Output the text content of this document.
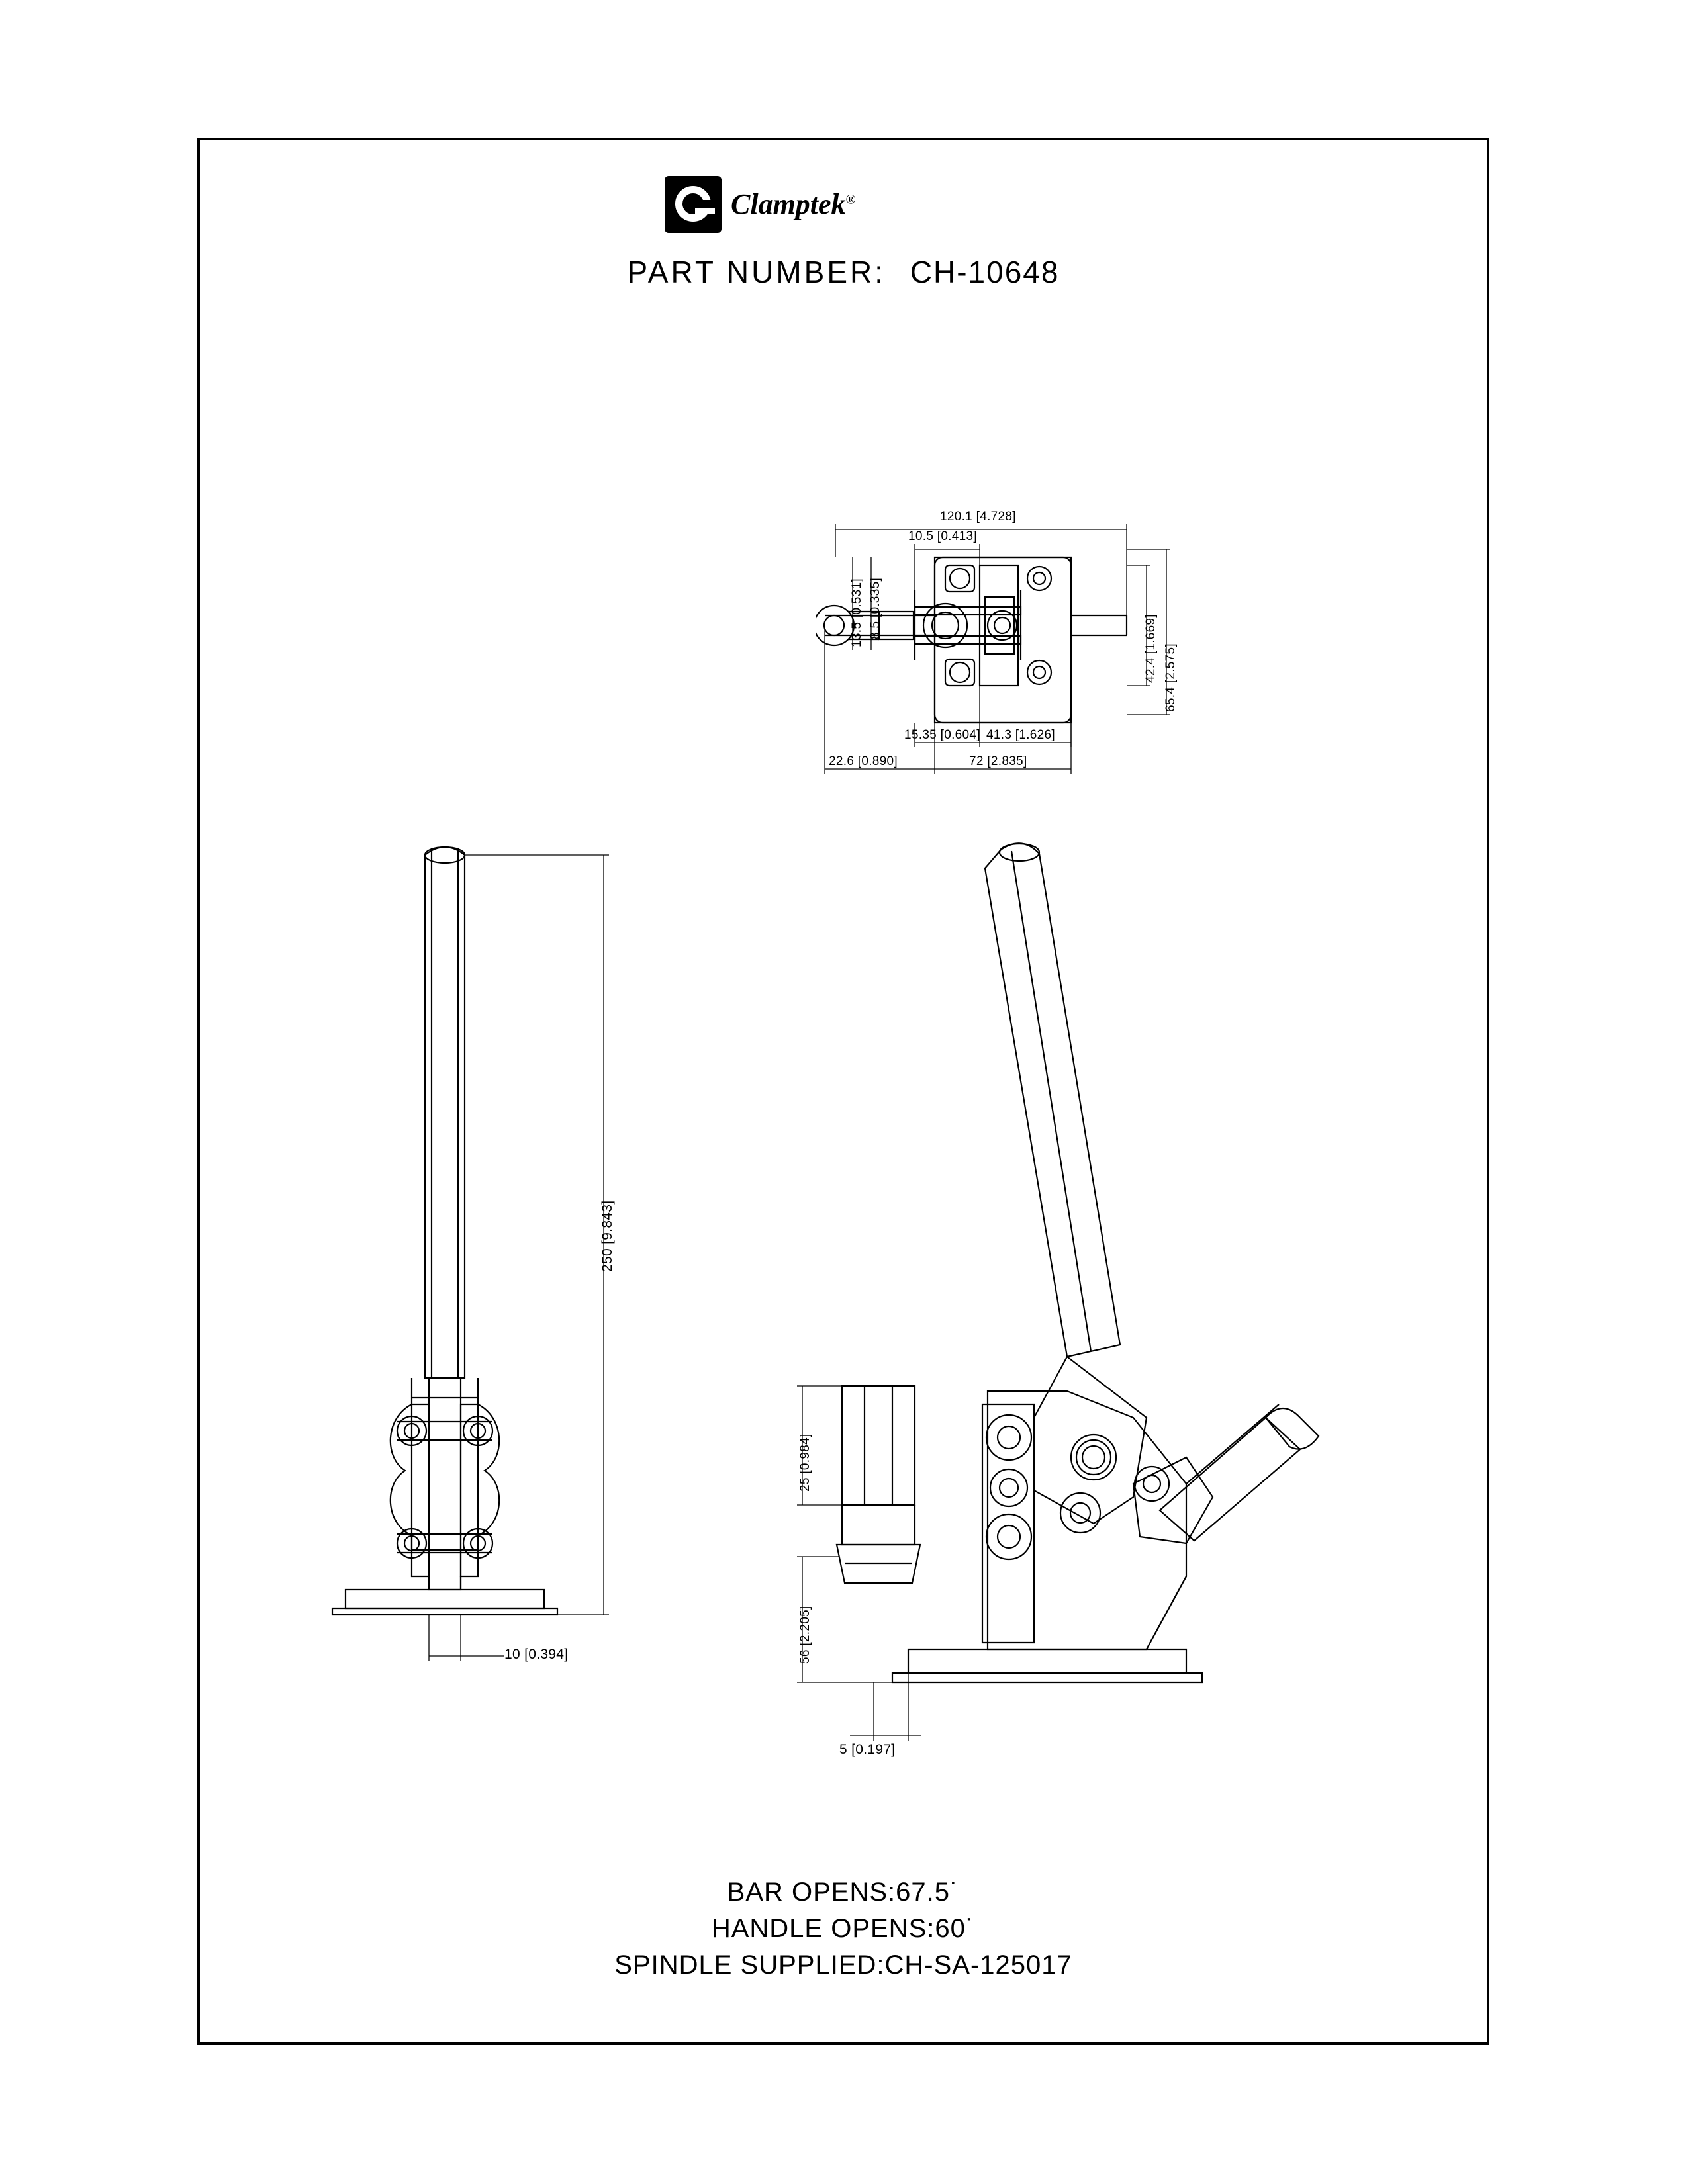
Clamptek®
PART NUMBER: CH-10648
120.1 [4.728]
10.5 [0.413]
13.5 [0.531] 8.5 [0.335]
42.4 [1.669] 65.4 [2.575]
15.35 [0.604] 41.3 [1.626]
22.6 [0.890]	72 [2.835]
250 [9.843]
10 [0.394]
25 [0.984]
56 [2.205]
5 [0.197]
BAR OPENS:67.5˙
HANDLE OPENS:60˙
SPINDLE SUPPLIED:CH-SA-125017
